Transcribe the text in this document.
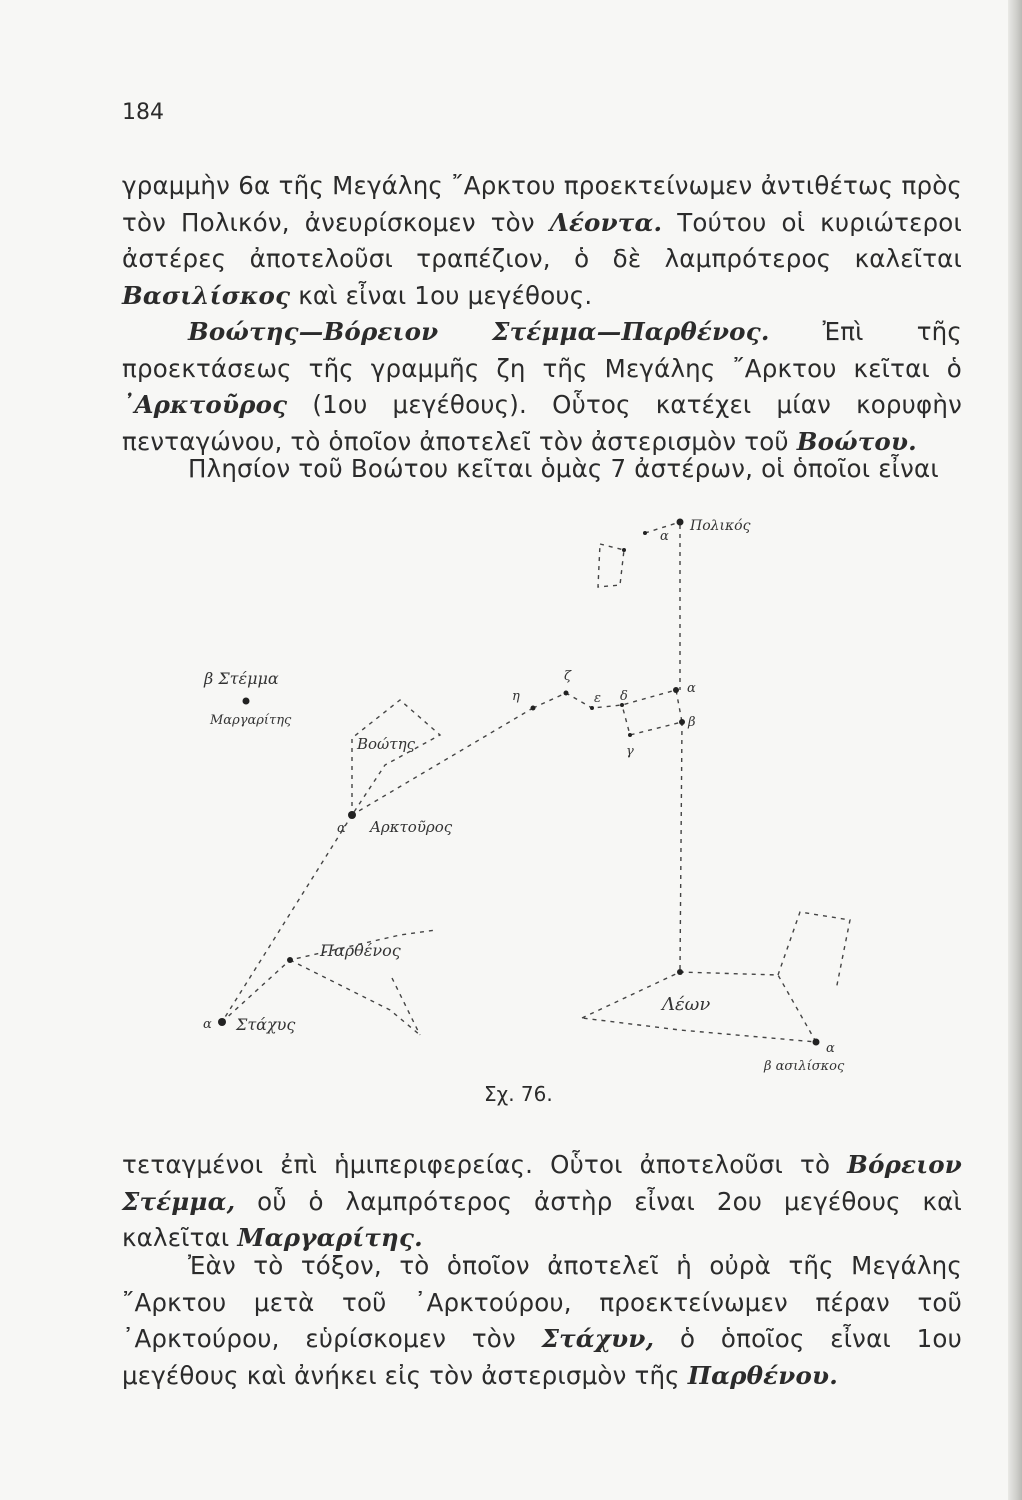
184

γραμμὴν 6α τῆς Μεγάλης ῎Αρκτου προεκτείνωμεν ἀντιθέτως πρὸς τὸν Πολικόν, ἀνευρίσκομεν τὸν Λέοντα. Τούτου οἱ κυριώτεροι ἀστέρες ἀποτελοῦσι τραπέζιον, ὁ δὲ λαμπρότερος καλεῖται Βασιλίσκος καὶ εἶναι 1ου μεγέθους.

Βοώτης—Βόρειον Στέμμα—Παρθένος. Ἐπὶ τῆς προεκτάσεως τῆς γραμμῆς ζη τῆς Μεγάλης ῎Αρκτου κεῖται ὁ ᾿Αρκτοῦρος (1ου μεγέθους). Οὗτος κατέχει μίαν κορυφὴν πενταγώνου, τὸ ὁποῖον ἀποτελεῖ τὸν ἀστερισμὸν τοῦ Βοώτου.

Πλησίον τοῦ Βοώτου κεῖται ὁμὰς 7 ἀστέρων, οἱ ὁποῖοι εἶναι

Πολικός
α
β Στέμμα
Μαργαρίτης
Βοώτης
α Αρκτοῦρος
η
ζ
ε δ
α
β
γ
Παρθένος
α Στάχυς
Λέων
α
β ασιλίσκος
Σχ. 76.

τεταγμένοι ἐπὶ ἡμιπεριφερείας. Οὗτοι ἀποτελοῦσι τὸ Βόρειον Στέμμα, οὗ ὁ λαμπρότερος ἀστὴρ εἶναι 2ου μεγέθους καὶ καλεῖται Μαργαρίτης.

Ἐὰν τὸ τόξον, τὸ ὁποῖον ἀποτελεῖ ἡ οὐρὰ τῆς Μεγάλης ῎Αρκτου μετὰ τοῦ ᾿Αρκτούρου, προεκτείνωμεν πέραν τοῦ ᾿Αρκτούρου, εὑρίσκομεν τὸν Στάχυν, ὁ ὁποῖος εἶναι 1ου μεγέθους καὶ ἀνήκει εἰς τὸν ἀστερισμὸν τῆς Παρθένου.
